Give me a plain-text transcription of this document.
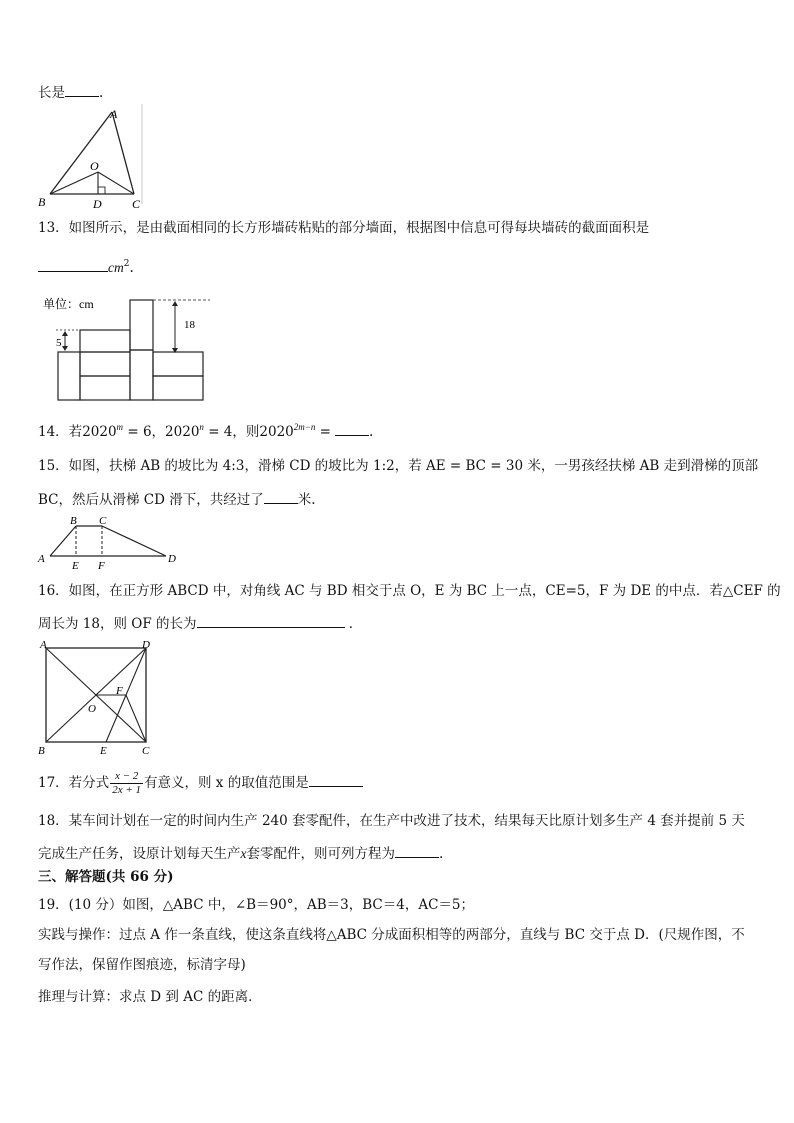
长是	.
A
B	C
D
O
13．如图所示，是由截面相同的长方形墙砖粘贴的部分墙面，根据图中信息可得每块墙砖的截面面积是
$cm^2$.
单位：cm
5
18
14．若$2020^m = 6$，$2020^n = 4$，则$2020^{2m-n}$ =	.
15．如图，扶梯 AB 的坡比为 4:3，滑梯 CD 的坡比为 1:2，若 AE = BC = 30 米，一男孩经扶梯 AB 走到滑梯的顶部
BC，然后从滑梯 CD 滑下，共经过了	米.
B C
A	D
E F
16．如图，在正方形 ABCD 中，对角线 AC 与 BD 相交于点 O，E 为 BC 上一点，CE=5，F 为 DE 的中点．若△CEF 的
周长为 18，则 OF 的长为	．
A	D
B	C
E
F
O
17．若分式 $\frac{x - 2}{2x + 1}$ 有意义，则 x 的取值范围是
18．某车间计划在一定的时间内生产 240 套零配件，在生产中改进了技术，结果每天比原计划多生产 4 套并提前 5 天
完成生产任务，设原计划每天生产x套零配件，则可列方程为	.
三、解答题(共 66 分)
19．(10 分）如图，△ABC 中，∠B＝90°，AB＝3，BC＝4，AC＝5；
实践与操作：过点 A 作一条直线，使这条直线将△ABC 分成面积相等的两部分，直线与 BC 交于点 D．(尺规作图，不
写作法，保留作图痕迹，标清字母)
推理与计算：求点 D 到 AC 的距离．
